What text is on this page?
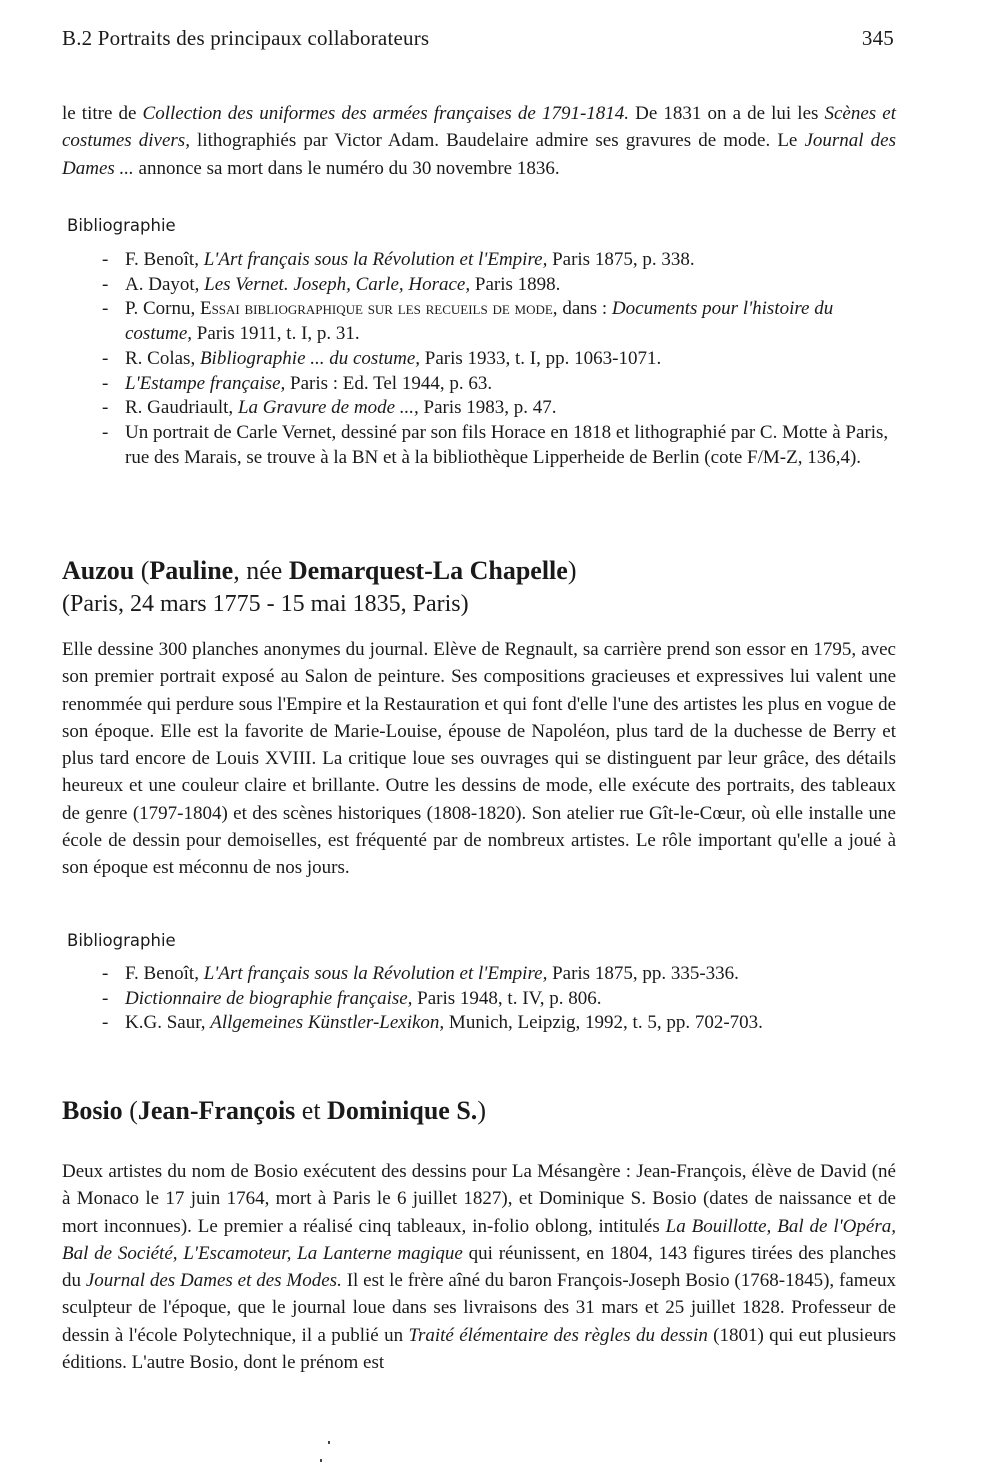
B.2 Portraits des principaux collaborateurs	345
le titre de Collection des uniformes des armées françaises de 1791-1814. De 1831 on a de lui les Scènes et costumes divers, lithographiés par Victor Adam. Baudelaire admire ses gravures de mode. Le Journal des Dames ... annonce sa mort dans le numéro du 30 novembre 1836.
Bibliographie
- F. Benoît, L'Art français sous la Révolution et l'Empire, Paris 1875, p. 338.
- A. Dayot, Les Vernet. Joseph, Carle, Horace, Paris 1898.
- P. Cornu, Essai bibliographique sur les recueils de mode, dans : Documents pour l'histoire du costume, Paris 1911, t. I, p. 31.
- R. Colas, Bibliographie ... du costume, Paris 1933, t. I, pp. 1063-1071.
- L'Estampe française, Paris : Ed. Tel 1944, p. 63.
- R. Gaudriault, La Gravure de mode ..., Paris 1983, p. 47.
- Un portrait de Carle Vernet, dessiné par son fils Horace en 1818 et lithographié par C. Motte à Paris, rue des Marais, se trouve à la BN et à la bibliothèque Lipperheide de Berlin (cote F/M-Z, 136,4).
Auzou (Pauline, née Demarquest-La Chapelle)
(Paris, 24 mars 1775 - 15 mai 1835, Paris)
Elle dessine 300 planches anonymes du journal. Elève de Regnault, sa carrière prend son essor en 1795, avec son premier portrait exposé au Salon de peinture. Ses compositions gracieuses et expressives lui valent une renommée qui perdure sous l'Empire et la Restauration et qui font d'elle l'une des artistes les plus en vogue de son époque. Elle est la favorite de Marie-Louise, épouse de Napoléon, plus tard de la duchesse de Berry et plus tard encore de Louis XVIII. La critique loue ses ouvrages qui se distinguent par leur grâce, des détails heureux et une couleur claire et brillante. Outre les dessins de mode, elle exécute des portraits, des tableaux de genre (1797-1804) et des scènes historiques (1808-1820). Son atelier rue Gît-le-Cœur, où elle installe une école de dessin pour demoiselles, est fréquenté par de nombreux artistes. Le rôle important qu'elle a joué à son époque est méconnu de nos jours.
Bibliographie
- F. Benoît, L'Art français sous la Révolution et l'Empire, Paris 1875, pp. 335-336.
- Dictionnaire de biographie française, Paris 1948, t. IV, p. 806.
- K.G. Saur, Allgemeines Künstler-Lexikon, Munich, Leipzig, 1992, t. 5, pp. 702-703.
Bosio (Jean-François et Dominique S.)
Deux artistes du nom de Bosio exécutent des dessins pour La Mésangère : Jean-François, élève de David (né à Monaco le 17 juin 1764, mort à Paris le 6 juillet 1827), et Dominique S. Bosio (dates de naissance et de mort inconnues). Le premier a réalisé cinq tableaux, in-folio oblong, intitulés La Bouillotte, Bal de l'Opéra, Bal de Société, L'Escamoteur, La Lanterne magique qui réunissent, en 1804, 143 figures tirées des planches du Journal des Dames et des Modes. Il est le frère aîné du baron François-Joseph Bosio (1768-1845), fameux sculpteur de l'époque, que le journal loue dans ses livraisons des 31 mars et 25 juillet 1828. Professeur de dessin à l'école Polytechnique, il a publié un Traité élémentaire des règles du dessin (1801) qui eut plusieurs éditions. L'autre Bosio, dont le prénom est
